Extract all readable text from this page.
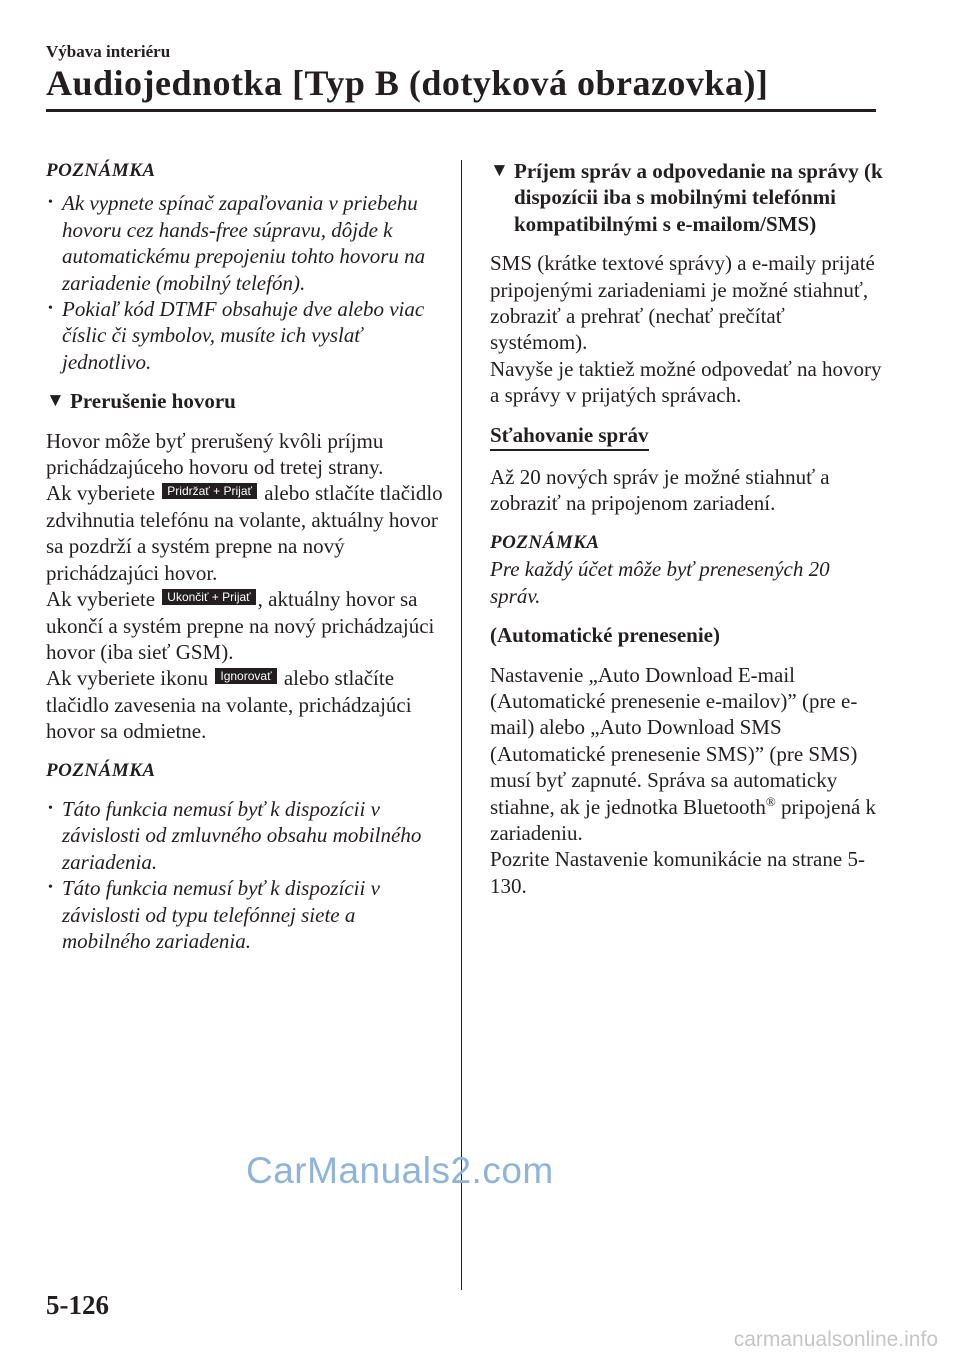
Výbava interiéru
Audiojednotka [Typ B (dotyková obrazovka)]
POZNÁMKA
• Ak vypnete spínač zapaľovania v priebehu hovoru cez hands-free súpravu, dôjde k automatickému prepojeniu tohto hovoru na zariadenie (mobilný telefón).
• Pokiaľ kód DTMF obsahuje dve alebo viac číslic či symbolov, musíte ich vyslať jednotlivo.
▼ Prerušenie hovoru

Hovor môže byť prerušený kvôli príjmu prichádzajúceho hovoru od tretej strany.

Ak vyberiete Pridržať + Prijať alebo stlačíte tlačidlo zdvihnutia telefónu na volante, aktuálny hovor sa pozdrží a systém prepne na nový prichádzajúci hovor.

Ak vyberiete Ukončiť + Prijať , aktuálny hovor sa ukončí a systém prepne na nový prichádzajúci hovor (iba sieť GSM).

Ak vyberiete ikonu Ignorovať alebo stlačíte tlačidlo zavesenia na volante, prichádzajúci hovor sa odmietne.

POZNÁMKA
• Táto funkcia nemusí byť k dispozícii v závislosti od zmluvného obsahu mobilného zariadenia.
• Táto funkcia nemusí byť k dispozícii v závislosti od typu telefónnej siete a mobilného zariadenia.
▼ Príjem správ a odpovedanie na správy (k dispozícii iba s mobilnými telefónmi kompatibilnými s e-mailom/SMS)

SMS (krátke textové správy) a e-maily prijaté pripojenými zariadeniami je možné stiahnuť, zobraziť a prehrať (nechať prečítať systémom).

Navyše je taktiež možné odpovedať na hovory a správy v prijatých správach.

Sťahovanie správ

Až 20 nových správ je možné stiahnuť a zobraziť na pripojenom zariadení.

POZNÁMKA

Pre každý účet môže byť prenesených 20 správ.

(Automatické prenesenie)

Nastavenie „Auto Download E-mail (Automatické prenesenie e-mailov)” (pre e-mail) alebo „Auto Download SMS (Automatické prenesenie SMS)” (pre SMS) musí byť zapnuté. Správa sa automaticky stiahne, ak je jednotka Bluetooth® pripojená k zariadeniu.

Pozrite Nastavenie komunikácie na strane 5-130.

CarManuals2.com
5-126
carmanualsonline.info
